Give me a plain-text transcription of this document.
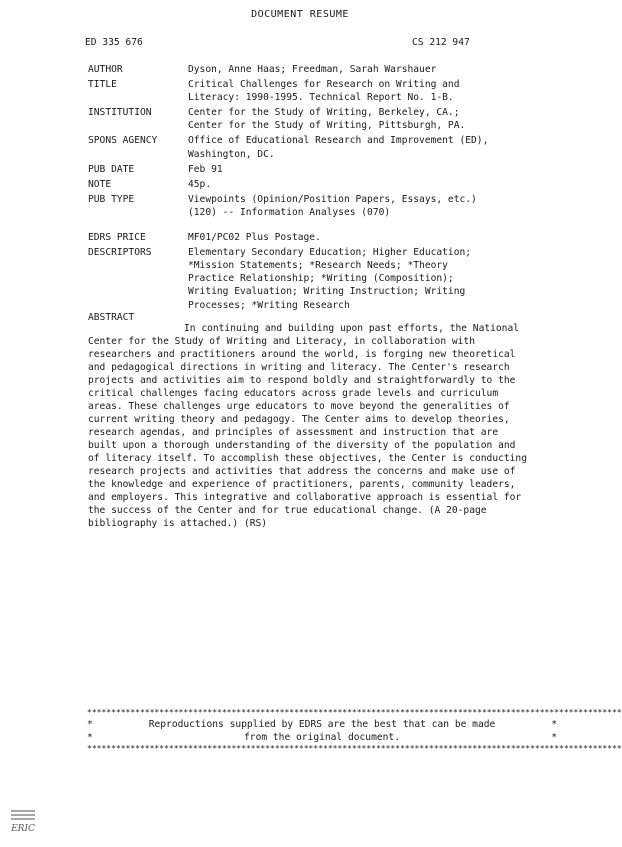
DOCUMENT RESUME
ED 335 676	CS 212 947
AUTHOR	Dyson, Anne Haas; Freedman, Sarah Warshauer
TITLE	Critical Challenges for Research on Writing and
Literacy: 1990-1995. Technical Report No. 1-B.
INSTITUTION	Center for the Study of Writing, Berkeley, CA.;
Center for the Study of Writing, Pittsburgh, PA.
SPONS AGENCY	Office of Educational Research and Improvement (ED),
Washington, DC.
PUB DATE	Feb 91
NOTE	45p.
PUB TYPE	Viewpoints (Opinion/Position Papers, Essays, etc.)
(120) -- Information Analyses (070)
EDRS PRICE	MF01/PC02 Plus Postage.
DESCRIPTORS	Elementary Secondary Education; Higher Education;
*Mission Statements; *Research Needs; *Theory
Practice Relationship; *Writing (Composition);
Writing Evaluation; Writing Instruction; Writing
Processes; *Writing Research
ABSTRACT
In continuing and building upon past efforts, the National Center for the Study of Writing and Literacy, in collaboration with researchers and practitioners around the world, is forging new theoretical and pedagogical directions in writing and literacy. The Center's research projects and activities aim to respond boldly and straightforwardly to the critical challenges facing educators across grade levels and curriculum areas. These challenges urge educators to move beyond the generalities of current writing theory and pedagogy. The Center aims to develop theories, research agendas, and principles of assessment and instruction that are built upon a thorough understanding of the diversity of the population and of literacy itself. To accomplish these objectives, the Center is conducting research projects and activities that address the concerns and make use of the knowledge and experience of practitioners, parents, community leaders, and employers. This integrative and collaborative approach is essential for the success of the Center and for true educational change. (A 20-page bibliography is attached.) (RS)
***************************************************************************************************************
*	Reproductions supplied by EDRS are the best that can be made	*
*	from the original document.	*
***************************************************************************************************************
ERIC
